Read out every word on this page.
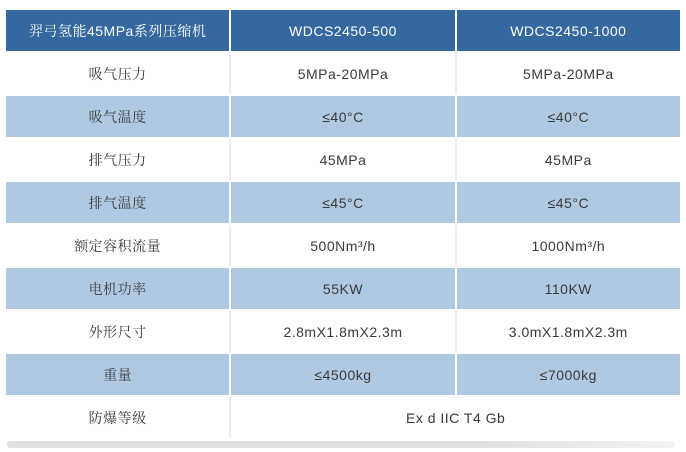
羿弓氢能45MPa系列压缩机	WDCS2450-500	WDCS2450-1000
吸气压力	5MPa-20MPa	5MPa-20MPa
吸气温度	≤40°C	≤40°C
排气压力	45MPa	45MPa
排气温度	≤45°C	≤45°C
额定容积流量	500Nm³/h	1000Nm³/h
电机功率	55KW	110KW
外形尺寸	2.8mX1.8mX2.3m	3.0mX1.8mX2.3m
重量	≤4500kg	≤7000kg
防爆等级	Ex d IIC T4 Gb	
